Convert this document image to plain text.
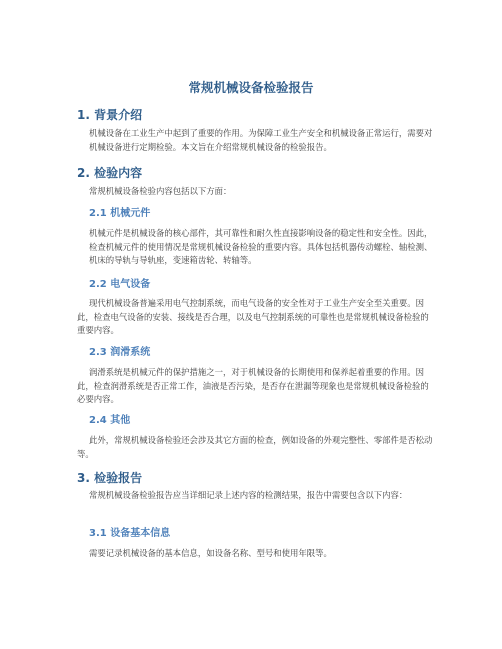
常规机械设备检验报告
1. 背景介绍

机械设备在工业生产中起到了重要的作用。为保障工业生产安全和机械设备正常运行，需要对机械设备进行定期检验。本文旨在介绍常规机械设备的检验报告。

2. 检验内容

常规机械设备检验内容包括以下方面：

2.1 机械元件

机械元件是机械设备的核心部件，其可靠性和耐久性直接影响设备的稳定性和安全性。因此，检查机械元件的使用情况是常规机械设备检验的重要内容。具体包括机器传动螺栓、轴检测、机床的导轨与导轨座，变速箱齿轮、转轴等。

2.2 电气设备

现代机械设备普遍采用电气控制系统，而电气设备的安全性对于工业生产安全至关重要。因此，检查电气设备的安装、接线是否合理，以及电气控制系统的可靠性也是常规机械设备检验的重要内容。

2.3 润滑系统

润滑系统是机械元件的保护措施之一，对于机械设备的长期使用和保养起着重要的作用。因此，检查润滑系统是否正常工作，油液是否污染，是否存在泄漏等现象也是常规机械设备检验的必要内容。

2.4 其他

此外，常规机械设备检验还会涉及其它方面的检查，例如设备的外观完整性、零部件是否松动等。

3. 检验报告

常规机械设备检验报告应当详细记录上述内容的检测结果，报告中需要包含以下内容：

3.1 设备基本信息

需要记录机械设备的基本信息，如设备名称、型号和使用年限等。
